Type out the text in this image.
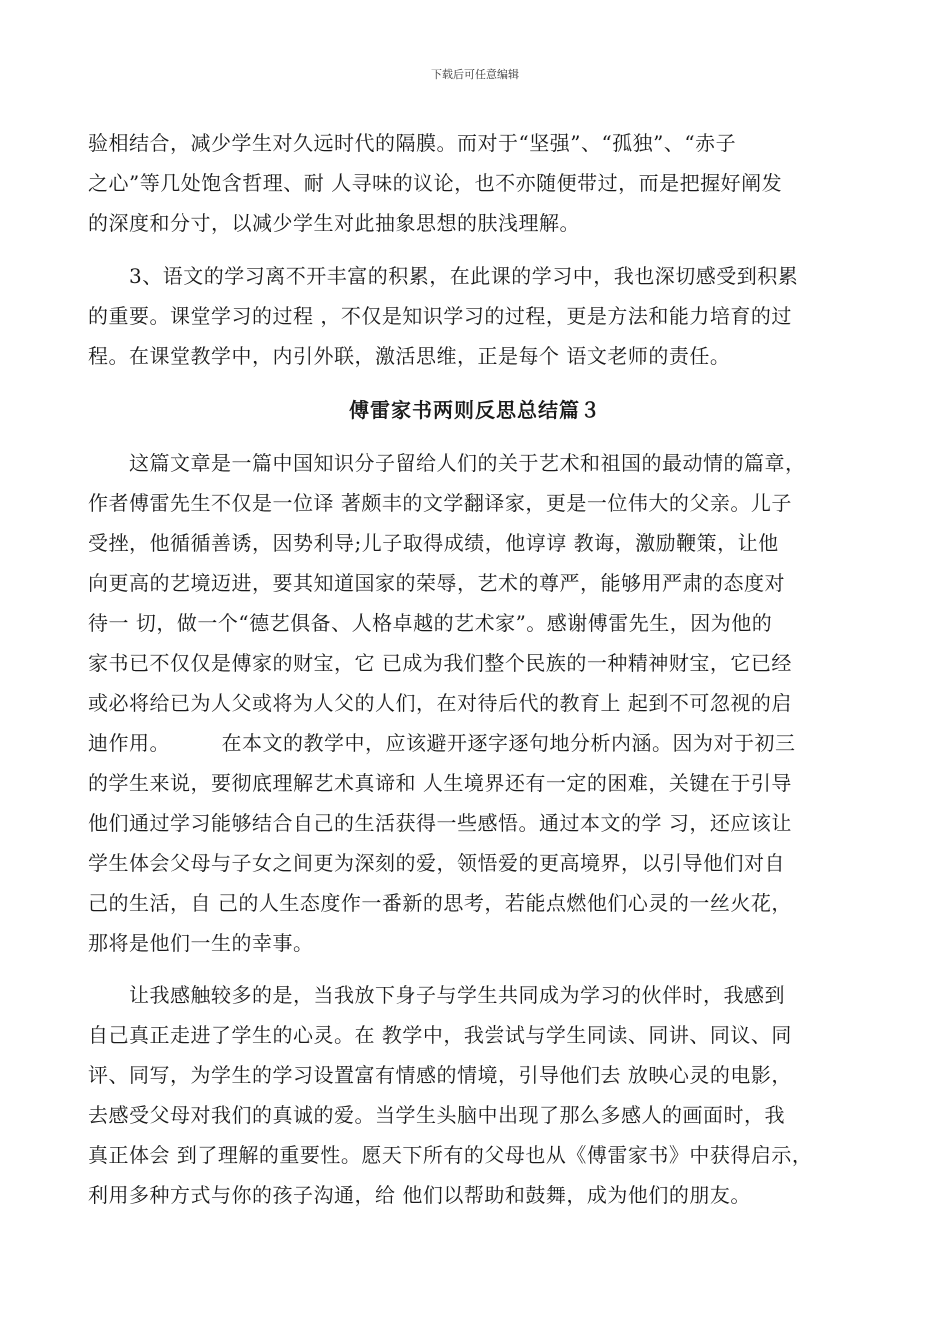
下载后可任意编辑
验相结合，减少学生对久远时代的隔膜。而对于“坚强”、“孤独”、“赤子
之心”等几处饱含哲理、耐 人寻味的议论，也不亦随便带过，而是把握好阐发
的深度和分寸，以减少学生对此抽象思想的肤浅理解。
　　3、语文的学习离不开丰富的积累，在此课的学习中，我也深切感受到积累
的重要。课堂学习的过程 ，不仅是知识学习的过程，更是方法和能力培育的过
程。在课堂教学中，内引外联，激活思维，正是每个 语文老师的责任。
傅雷家书两则反思总结篇３
　　这篇文章是一篇中国知识分子留给人们的关于艺术和祖国的最动情的篇章，
作者傅雷先生不仅是一位译 著颇丰的文学翻译家，更是一位伟大的父亲。儿子
受挫，他循循善诱，因势利导;儿子取得成绩，他谆谆 教诲，激励鞭策，让他
向更高的艺境迈进，要其知道国家的荣辱，艺术的尊严，能够用严肃的态度对
待一 切，做一个“德艺俱备、人格卓越的艺术家”。感谢傅雷先生，因为他的
家书已不仅仅是傅家的财宝，它 已成为我们整个民族的一种精神财宝，它已经
或必将给已为人父或将为人父的人们，在对待后代的教育上 起到不可忽视的启
迪作用。　　　在本文的教学中，应该避开逐字逐句地分析内涵。因为对于初三
的学生来说，要彻底理解艺术真谛和 人生境界还有一定的困难，关键在于引导
他们通过学习能够结合自己的生活获得一些感悟。通过本文的学 习，还应该让
学生体会父母与子女之间更为深刻的爱，领悟爱的更高境界，以引导他们对自
己的生活，自 己的人生态度作一番新的思考，若能点燃他们心灵的一丝火花，
那将是他们一生的幸事。
　　让我感触较多的是，当我放下身子与学生共同成为学习的伙伴时，我感到
自己真正走进了学生的心灵。在 教学中，我尝试与学生同读、同讲、同议、同
评、同写，为学生的学习设置富有情感的情境，引导他们去 放映心灵的电影，
去感受父母对我们的真诚的爱。当学生头脑中出现了那么多感人的画面时，我
真正体会 到了理解的重要性。愿天下所有的父母也从《傅雷家书》中获得启示，
利用多种方式与你的孩子沟通，给 他们以帮助和鼓舞，成为他们的朋友。
